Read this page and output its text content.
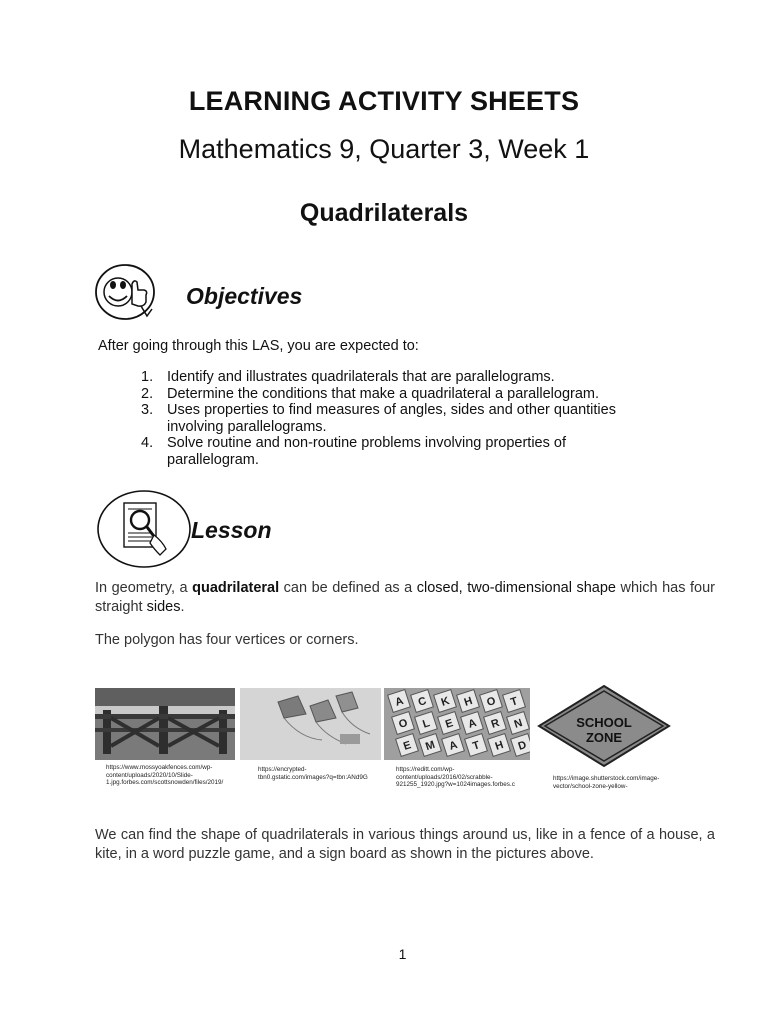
LEARNING ACTIVITY SHEETS
Mathematics 9, Quarter 3, Week 1
Quadrilaterals
Objectives
After going through this LAS, you are expected to:
1. Identify and illustrates quadrilaterals that are parallelograms.
2. Determine the conditions that make a quadrilateral a parallelogram.
3. Uses properties to find measures of angles, sides and other quantities involving parallelograms.
4. Solve routine and non-routine problems involving properties of parallelogram.
Lesson
In geometry, a quadrilateral can be defined as a closed, two-dimensional shape which has four straight sides.
The polygon has four vertices or corners.
https://www.mossyoakfences.com/wp-content/uploads/2020/10/Slide-1.jpg.forbes.com/scottsnowden/files/2019/
https://encrypted-tbn0.gstatic.com/images?q=tbn:ANd9G
A C K H O T
O L E A R N
E M A T H D
https://reditt.com/wp-content/uploads/2016/02/scrabble-921255_1920.jpg?w=1024images.forbes.c
SCHOOL
ZONE
https://image.shutterstock.com/image-vector/school-zone-yellow-
We can find the shape of quadrilaterals in various things around us, like in a fence of a house, a kite, in a word puzzle game, and a sign board as shown in the pictures above.
1
